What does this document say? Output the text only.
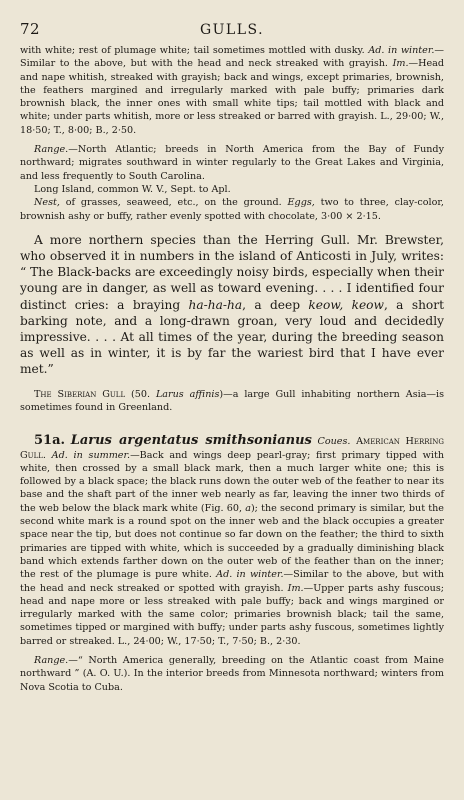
72	GULLS.

with white; rest of plumage white; tail sometimes mottled with dusky. Ad. in winter.—Similar to the above, but with the head and neck streaked with grayish. Im.—Head and nape whitish, streaked with grayish; back and wings, except primaries, brownish, the feathers margined and irregularly marked with pale buffy; primaries dark brownish black, the inner ones with small white tips; tail mottled with black and white; under parts whitish, more or less streaked or barred with grayish. L., 29·00; W., 18·50; T., 8·00; B., 2·50.

Range.—North Atlantic; breeds in North America from the Bay of Fundy northward; migrates southward in winter regularly to the Great Lakes and Virginia, and less frequently to South Carolina.

Long Island, common W. V., Sept. to Apl.

Nest, of grasses, seaweed, etc., on the ground. Eggs, two to three, clay-color, brownish ashy or buffy, rather evenly spotted with chocolate, 3·00 × 2·15.

A more northern species than the Herring Gull. Mr. Brewster, who observed it in numbers in the island of Anticosti in July, writes: “ The Black-backs are exceedingly noisy birds, especially when their young are in danger, as well as toward evening. . . . I identified four distinct cries: a braying ha-ha-ha, a deep keow, keow, a short barking note, and a long-drawn groan, very loud and decidedly impressive. . . . At all times of the year, during the breeding season as well as in winter, it is by far the wariest bird that I have ever met.”

The Siberian Gull (50. Larus affinis)—a large Gull inhabiting northern Asia—is sometimes found in Greenland.

51a. Larus argentatus smithsonianus Coues. American Herring Gull. Ad. in summer.—Back and wings deep pearl-gray; first primary tipped with white, then crossed by a small black mark, then a much larger white one; this is followed by a black space; the black runs down the outer web of the feather to near its base and the shaft part of the inner web nearly as far, leaving the inner two thirds of the web below the black mark white (Fig. 60, a); the second primary is similar, but the second white mark is a round spot on the inner web and the black occupies a greater space near the tip, but does not continue so far down on the feather; the third to sixth primaries are tipped with white, which is succeeded by a gradually diminishing black band which extends farther down on the outer web of the feather than on the inner; the rest of the plumage is pure white. Ad. in winter.—Similar to the above, but with the head and neck streaked or spotted with grayish. Im.—Upper parts ashy fuscous; head and nape more or less streaked with pale buffy; back and wings margined or irregularly marked with the same color; primaries brownish black; tail the same, sometimes tipped or margined with buffy; under parts ashy fuscous, sometimes lightly barred or streaked. L., 24·00; W., 17·50; T., 7·50; B., 2·30.

Range.—“ North America generally, breeding on the Atlantic coast from Maine northward ” (A. O. U.). In the interior breeds from Minnesota northward; winters from Nova Scotia to Cuba.
